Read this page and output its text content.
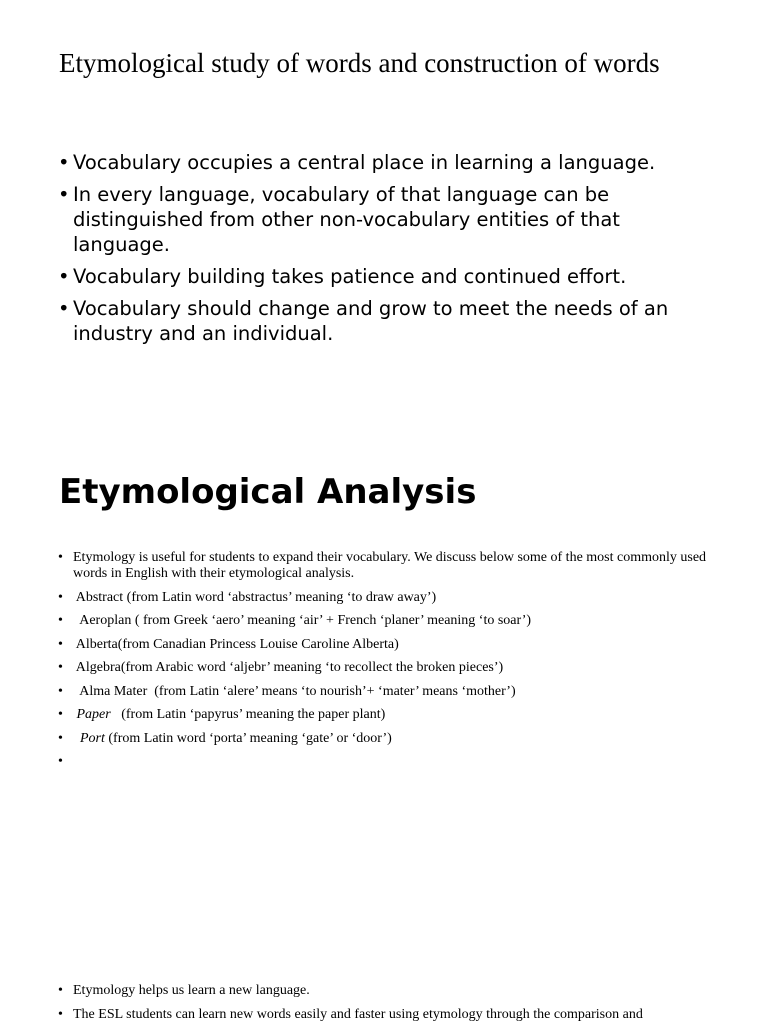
Etymological study of words and construction of words
• Vocabulary occupies a central place in learning a language.
• In every language, vocabulary of that language can be distinguished from other non-vocabulary entities of that language.
• Vocabulary building takes patience and continued effort.
• Vocabulary should change and grow to meet the needs of an industry and an individual.
Etymological Analysis
• Etymology is useful for students to expand their vocabulary. We discuss below some of the most commonly used words in English with their etymological analysis.
•  Abstract (from Latin word ‘abstractus’ meaning ‘to draw away’)
•   Aeroplan ( from Greek ‘aero’ meaning ‘air’ + French ‘planer’ meaning ‘to soar’)
•  Alberta(from Canadian Princess Louise Caroline Alberta)
•  Algebra(from Arabic word ‘aljebr’ meaning ‘to recollect the broken pieces’)
•   Alma Mater  (from Latin ‘alere’ means ‘to nourish’+ ‘mater’ means ‘mother’)
• Paper   (from Latin ‘papyrus’ meaning the paper plant)
• Port (from Latin word ‘porta’ meaning ‘gate’ or ‘door’)
•
• Etymology helps us learn a new language.
• The ESL students can learn new words easily and faster using etymology through the comparison and
